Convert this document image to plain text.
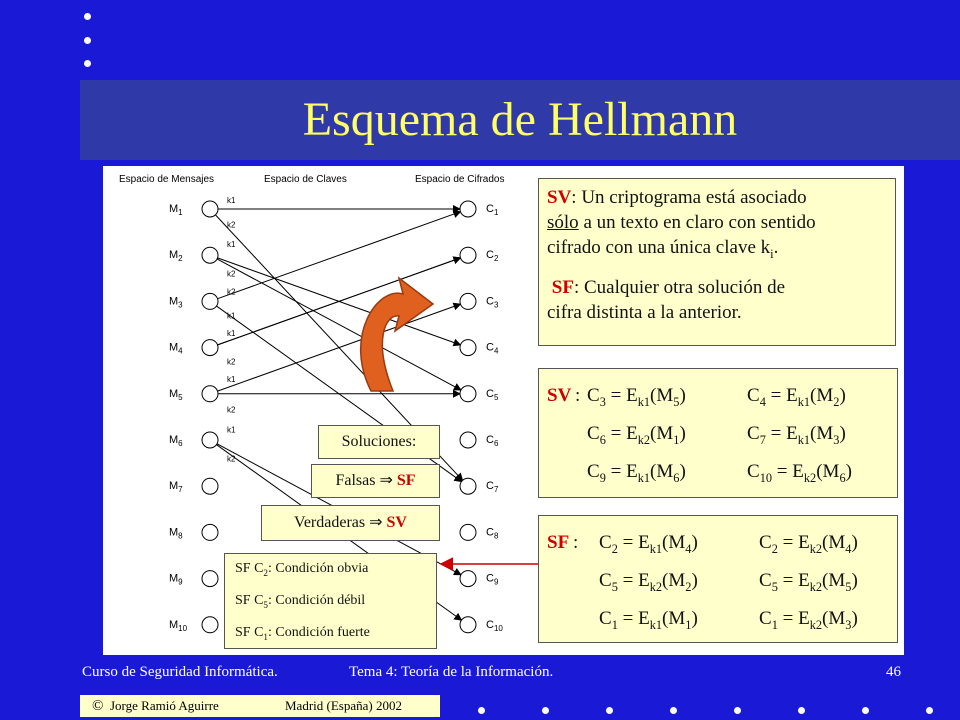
Esquema de Hellmann
Espacio de Mensajes	Espacio de Claves	Espacio de Cifrados
$M_1$
$M_2$
$M_3$
$M_4$
$M_5$
$M_6$
$M_7$
$M_8$
$M_9$
$M_{10}$
$C_1$
$C_2$
$C_3$
$C_4$
$C_5$
$C_6$
$C_7$
$C_8$
$C_9$
$C_{10}$
k1
k2
k1
k2
k2
k1
k1
k2
k1
k2
k1
k2
Soluciones:
Falsas ⇒ SF
Verdaderas ⇒ SV
SF $C_2$: Condición obvia
SF $C_5$: Condición débil
SF $C_1$: Condición fuerte
SV: Un criptograma está asociado
sólo a un texto en claro con sentido
cifrado con una única clave $k_i$.
SF: Cualquier otra solución de
cifra distinta a la anterior.
SV : $C_3 = E_{k1}(M_5)$	$C_4 = E_{k1}(M_2)$
$C_6 = E_{k2}(M_1)$	$C_7 = E_{k1}(M_3)$
$C_9 = E_{k1}(M_6)$	$C_{10} = E_{k2}(M_6)$
SF : $C_2 = E_{k1}(M_4)$	$C_2 = E_{k2}(M_4)$
$C_5 = E_{k2}(M_2)$	$C_5 = E_{k2}(M_5)$
$C_1 = E_{k1}(M_1)$	$C_1 = E_{k2}(M_3)$
Curso de Seguridad Informática.	Tema 4: Teoría de la Información.	46
© Jorge Ramió Aguirre	Madrid (España) 2002
